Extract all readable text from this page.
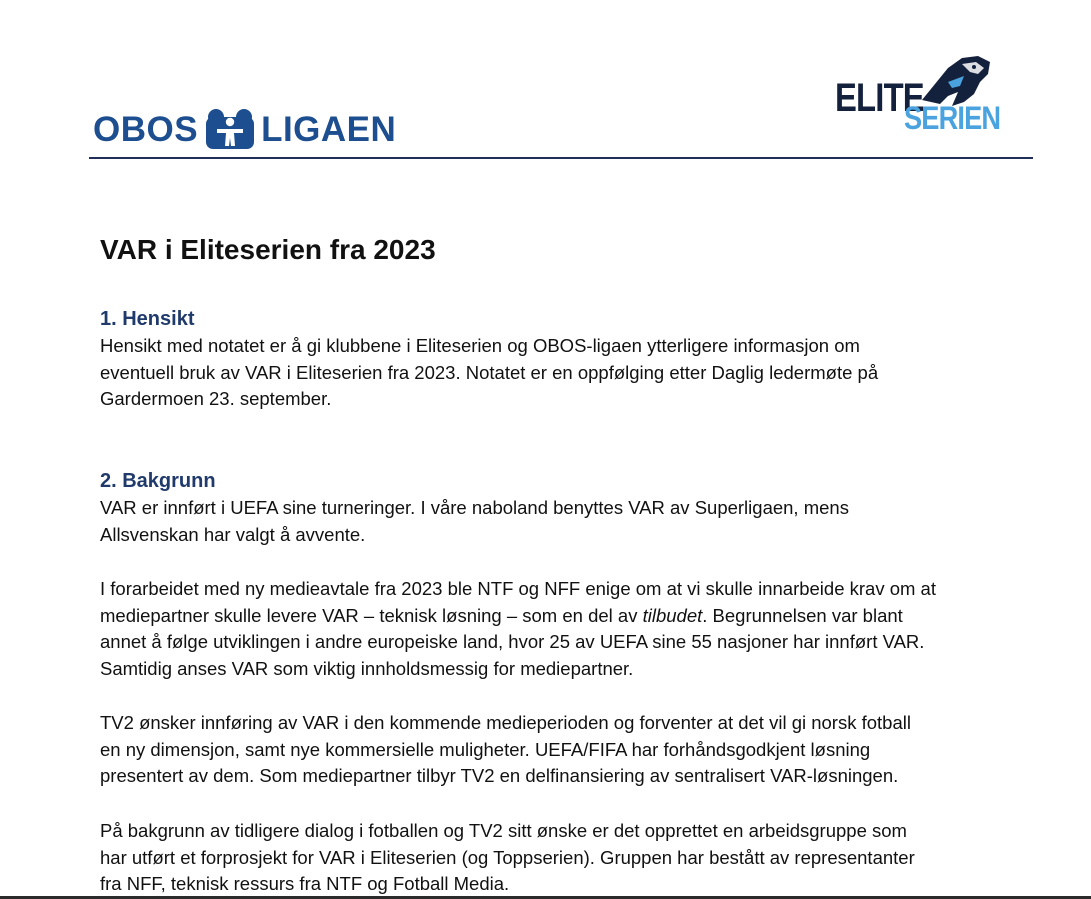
OBOS LIGAEN
ELITE
SERIEN
VAR i Eliteserien fra 2023
1. Hensikt

Hensikt med notatet er å gi klubbene i Eliteserien og OBOS-ligaen ytterligere informasjon om
eventuell bruk av VAR i Eliteserien fra 2023. Notatet er en oppfølging etter Daglig ledermøte på
Gardermoen 23. september.

2. Bakgrunn

VAR er innført i UEFA sine turneringer. I våre naboland benyttes VAR av Superligaen, mens
Allsvenskan har valgt å avvente.

I forarbeidet med ny medieavtale fra 2023 ble NTF og NFF enige om at vi skulle innarbeide krav om at
mediepartner skulle levere VAR – teknisk løsning – som en del av tilbudet. Begrunnelsen var blant
annet å følge utviklingen i andre europeiske land, hvor 25 av UEFA sine 55 nasjoner har innført VAR.
Samtidig anses VAR som viktig innholdsmessig for mediepartner.

TV2 ønsker innføring av VAR i den kommende medieperioden og forventer at det vil gi norsk fotball
en ny dimensjon, samt nye kommersielle muligheter. UEFA/FIFA har forhåndsgodkjent løsning
presentert av dem. Som mediepartner tilbyr TV2 en delfinansiering av sentralisert VAR-løsningen.

På bakgrunn av tidligere dialog i fotballen og TV2 sitt ønske er det opprettet en arbeidsgruppe som
har utført et forprosjekt for VAR i Eliteserien (og Toppserien). Gruppen har bestått av representanter
fra NFF, teknisk ressurs fra NTF og Fotball Media.
